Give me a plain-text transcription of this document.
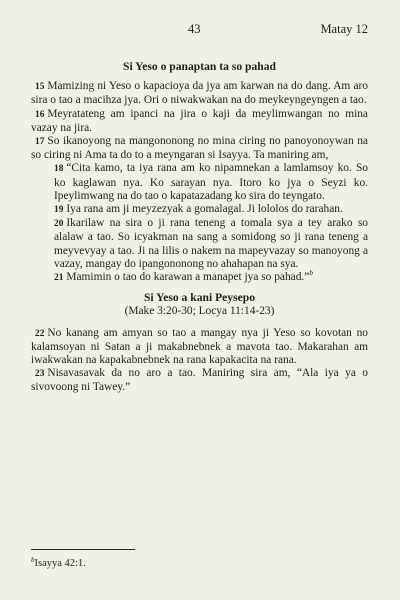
43	Matay 12
Si Yeso o panaptan ta so pahad

15 Mamizing ni Yeso o kapacioya da jya am karwan na do dang. Am aro sira o tao a macihza jya. Ori o niwakwakan na do meykeyngeyngen a tao.

16 Meyratateng am ipanci na jira o kaji da meylimwangan no mina vazay na jira.

17 So ikanoyong na mangononong no mina ciring no panoyonoywan na so ciring ni Ama ta do to a meyngaran si Isayya. Ta maniring am,

18 “Cita kamo, ta iya rana am ko nipamnekan a lamlamsoy ko. So ko kaglawan nya. Ko sarayan nya. Itoro ko jya o Seyzi ko. Ipeylimwang na do tao o kapatazadang ko sira do teyngato.

19 Iya rana am ji meyzezyak a gomalagal. Ji lololos do rarahan.

20 Ikarilaw na sira o ji rana teneng a tomala sya a tey arako so alalaw a tao. So icyakman na sang a somidong so ji rana teneng a meyvevyay a tao. Ji na lilis o nakem na mapeyvazay so manoyong a vazay, mangay do ipangononong no ahahapan na sya.

21 Mamimin o tao do karawan a manapet jya so pahad.”$^b$

Si Yeso a kani Peysepo
(Make 3:20-30; Locya 11:14-23)

22 No kanang am amyan so tao a mangay nya ji Yeso so kovotan no kalamsoyan ni Satan a ji makabnebnek a mavota tao. Makarahan am iwakwakan na kapakabnebnek na rana kapakacita na rana.

23 Nisavasavak da no aro a tao. Maniring sira am, “Ala iya ya o sivovoong ni Tawey.”

$^b$Isayya 42:1.
